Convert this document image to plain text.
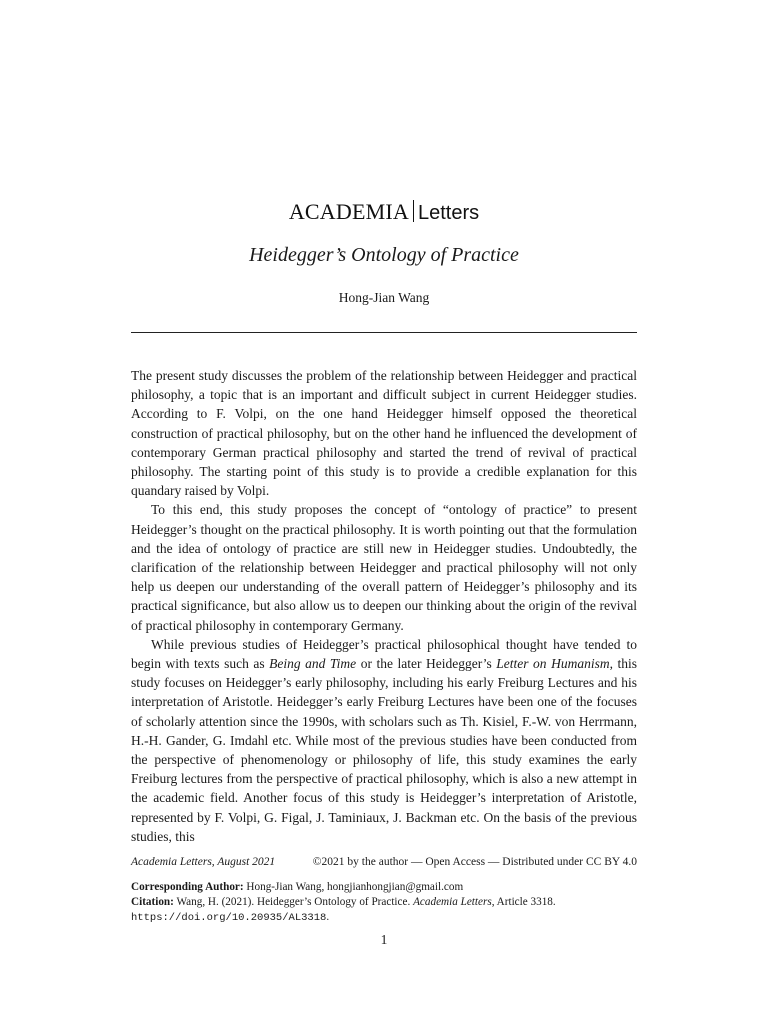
ACADEMIA Letters
Heidegger’s Ontology of Practice
Hong-Jian Wang

The present study discusses the problem of the relationship between Heidegger and practical philosophy, a topic that is an important and difficult subject in current Heidegger studies. According to F. Volpi, on the one hand Heidegger himself opposed the theoretical construction of practical philosophy, but on the other hand he influenced the development of contemporary German practical philosophy and started the trend of revival of practical philosophy. The starting point of this study is to provide a credible explanation for this quandary raised by Volpi.

To this end, this study proposes the concept of “ontology of practice” to present Heidegger’s thought on the practical philosophy. It is worth pointing out that the formulation and the idea of ontology of practice are still new in Heidegger studies. Undoubtedly, the clarification of the relationship between Heidegger and practical philosophy will not only help us deepen our understanding of the overall pattern of Heidegger’s philosophy and its practical significance, but also allow us to deepen our thinking about the origin of the revival of practical philosophy in contemporary Germany.

While previous studies of Heidegger’s practical philosophical thought have tended to begin with texts such as Being and Time or the later Heidegger’s Letter on Humanism, this study focuses on Heidegger’s early philosophy, including his early Freiburg Lectures and his interpretation of Aristotle. Heidegger’s early Freiburg Lectures have been one of the focuses of scholarly attention since the 1990s, with scholars such as Th. Kisiel, F.-W. von Herrmann, H.-H. Gander, G. Imdahl etc. While most of the previous studies have been conducted from the perspective of phenomenology or philosophy of life, this study examines the early Freiburg lectures from the perspective of practical philosophy, which is also a new attempt in the academic field. Another focus of this study is Heidegger’s interpretation of Aristotle, represented by F. Volpi, G. Figal, J. Taminiaux, J. Backman etc. On the basis of the previous studies, this

Academia Letters, August 2021	©2021 by the author — Open Access — Distributed under CC BY 4.0
Corresponding Author: Hong-Jian Wang, hongjianhongjian@gmail.com
Citation: Wang, H. (2021). Heidegger’s Ontology of Practice. Academia Letters, Article 3318.
https://doi.org/10.20935/AL3318.
1
